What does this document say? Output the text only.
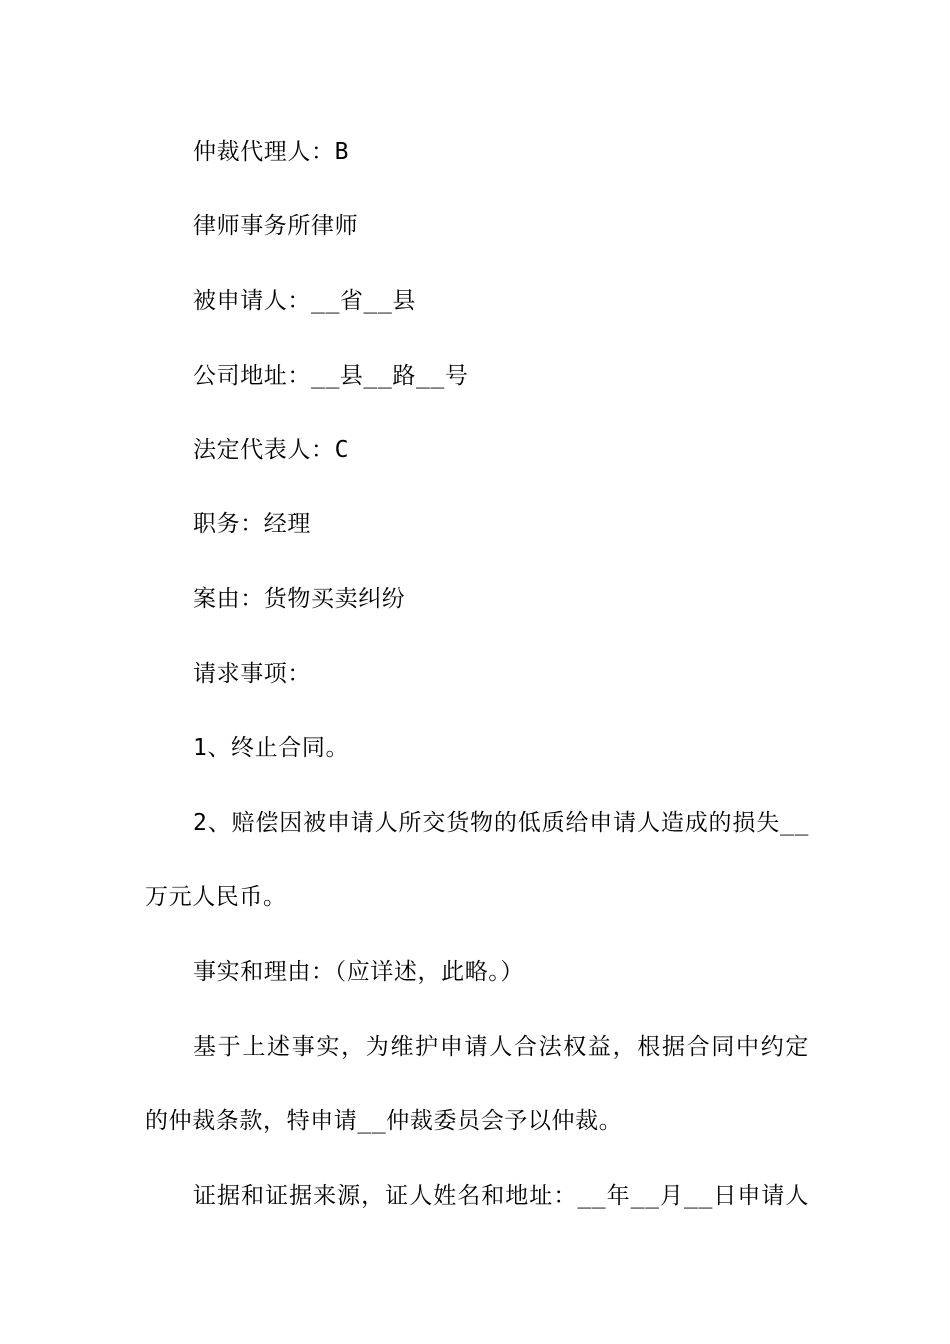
仲裁代理人：B
律师事务所律师
被申请人：__省__县
公司地址：__县__路__号
法定代表人：C
职务：经理
案由：货物买卖纠纷
请求事项：
1、终止合同。
2、赔偿因被申请人所交货物的低质给申请人造成的损失__
万元人民币。
事实和理由：（应详述，此略。）
基于上述事实，为维护申请人合法权益，根据合同中约定
的仲裁条款，特申请__仲裁委员会予以仲裁。
证据和证据来源，证人姓名和地址：__年__月__日申请人
